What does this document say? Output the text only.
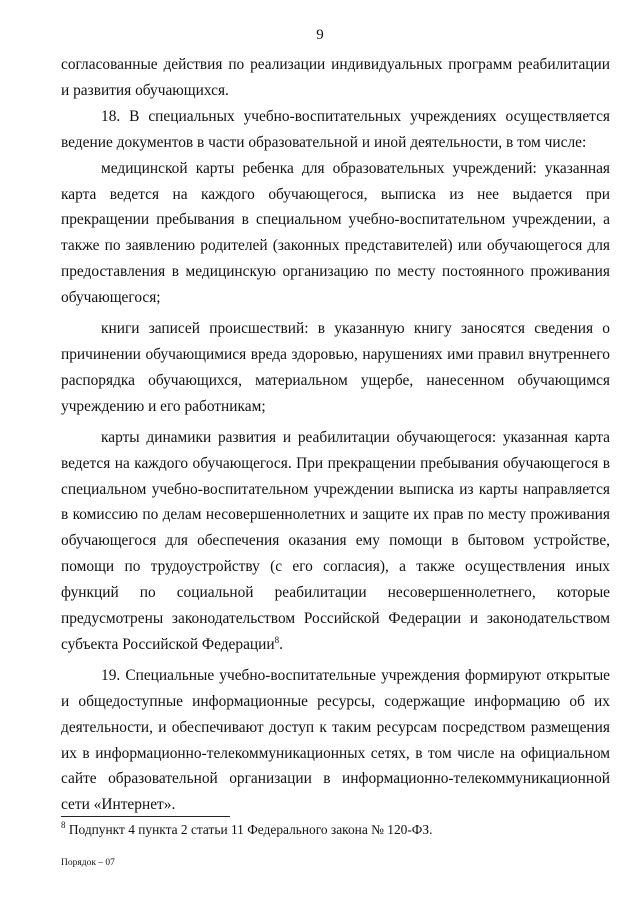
9

согласованные действия по реализации индивидуальных программ реабилитации и развития обучающихся.

18. В специальных учебно-воспитательных учреждениях осуществляется ведение документов в части образовательной и иной деятельности, в том числе:

медицинской карты ребенка для образовательных учреждений: указанная карта ведется на каждого обучающегося, выписка из нее выдается при прекращении пребывания в специальном учебно-воспитательном учреждении, а также по заявлению родителей (законных представителей) или обучающегося для предоставления в медицинскую организацию по месту постоянного проживания обучающегося;

книги записей происшествий: в указанную книгу заносятся сведения о причинении обучающимися вреда здоровью, нарушениях ими правил внутреннего распорядка обучающихся, материальном ущербе, нанесенном обучающимся учреждению и его работникам;

карты динамики развития и реабилитации обучающегося: указанная карта ведется на каждого обучающегося. При прекращении пребывания обучающегося в специальном учебно-воспитательном учреждении выписка из карты направляется в комиссию по делам несовершеннолетних и защите их прав по месту проживания обучающегося для обеспечения оказания ему помощи в бытовом устройстве, помощи по трудоустройству (с его согласия), а также осуществления иных функций по социальной реабилитации несовершеннолетнего, которые предусмотрены законодательством Российской Федерации и законодательством субъекта Российской Федерации$^8$.

19. Специальные учебно-воспитательные учреждения формируют открытые и общедоступные информационные ресурсы, содержащие информацию об их деятельности, и обеспечивают доступ к таким ресурсам посредством размещения их в информационно-телекоммуникационных сетях, в том числе на официальном сайте образовательной организации в информационно-телекоммуникационной сети «Интернет».

$^8$ Подпункт 4 пункта 2 статьи 11 Федерального закона № 120-ФЗ.
Порядок – 07
